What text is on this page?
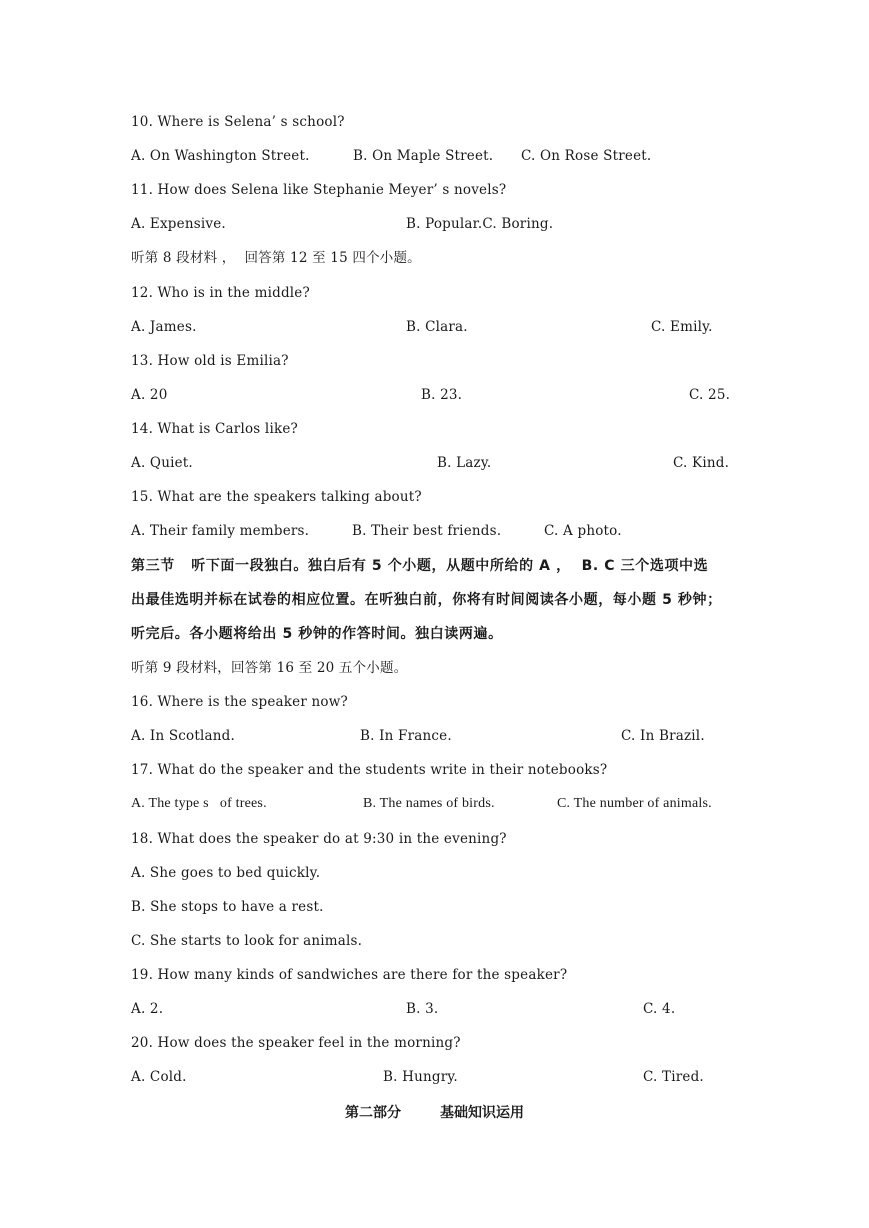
10. Where is Selena’ s school?
A. On Washington Street.	B. On Maple Street. C. On Rose Street.
11. How does Selena like Stephanie Meyer’ s novels?
A. Expensive.	B. Popular.C. Boring.
听第 8 段材料 ，  回答第 12 至 15 四个小题。
12. Who is in the middle?
A. James.	B. Clara.	C. Emily.
13. How old is Emilia?
A. 20	B. 23.	C. 25.
14. What is Carlos like?
A. Quiet.	B. Lazy.	C. Kind.
15. What are the speakers talking about?
A. Their family members.	B. Their best friends.	C. A photo.
第三节   听下面一段独白。独白后有 5 个小题，从题中所给的 A ，  B. C 三个选项中选
出最佳选明并标在试卷的相应位置。在听独白前，你将有时间阅读各小题，每小题 5 秒钟；
听完后。各小题将给出 5 秒钟的作答时间。独白读两遍。
听第 9 段材料，回答第 16 至 20 五个小题。
16. Where is the speaker now?
A. In Scotland.	B. In France.	C. In Brazil.
17. What do the speaker and the students write in their notebooks?
A. The type s   of trees.	B. The names of birds.	C. The number of animals.
18. What does the speaker do at 9:30 in the evening?
A. She goes to bed quickly.
B. She stops to have a rest.
C. She starts to look for animals.
19. How many kinds of sandwiches are there for the speaker?
A. 2.	B. 3.	C. 4.
20. How does the speaker feel in the morning?
A. Cold.	B. Hungry.	C. Tired.
第二部分        基础知识运用
